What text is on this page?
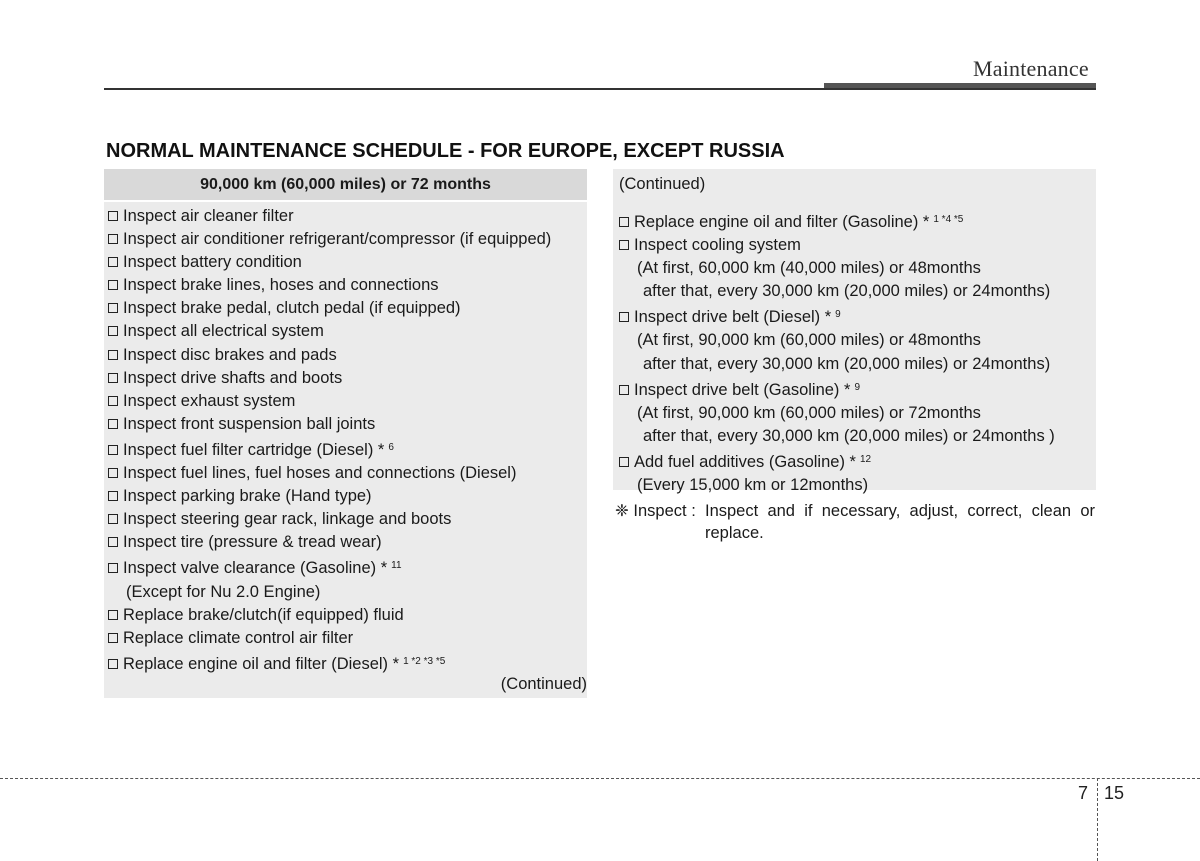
Maintenance
NORMAL MAINTENANCE SCHEDULE - FOR EUROPE, EXCEPT RUSSIA
90,000 km (60,000 miles) or 72 months
Inspect air cleaner filter
Inspect air conditioner refrigerant/compressor (if equipped)
Inspect battery condition
Inspect brake lines, hoses and connections
Inspect brake pedal, clutch pedal (if equipped)
Inspect all electrical system
Inspect disc brakes and pads
Inspect drive shafts and boots
Inspect exhaust system
Inspect front suspension ball joints
Inspect fuel filter cartridge (Diesel) * $^6$
Inspect fuel lines, fuel hoses and connections (Diesel)
Inspect parking brake (Hand type)
Inspect steering gear rack, linkage and boots
Inspect tire (pressure & tread wear)
Inspect valve clearance (Gasoline) * $^{11}$
(Except for Nu 2.0 Engine)
Replace brake/clutch(if equipped) fluid
Replace climate control air filter
Replace engine oil and filter (Diesel) * $^{1 *2 *3 *5}$
(Continued)
(Continued)
Replace engine oil and filter (Gasoline) * $^{1 *4 *5}$
Inspect cooling system
(At first, 60,000 km (40,000 miles) or 48months
after that, every 30,000 km (20,000 miles) or 24months)
Inspect drive belt (Diesel) * $^9$
(At first, 90,000 km (60,000 miles) or 48months
after that, every 30,000 km (20,000 miles) or 24months)
Inspect drive belt (Gasoline) * $^9$
(At first, 90,000 km (60,000 miles) or 72months
after that, every 30,000 km (20,000 miles) or 24months )
Add fuel additives (Gasoline) * $^{12}$
(Every 15,000 km or 12months)
❈ Inspect : Inspect and if necessary, adjust, correct, clean or replace.
7 15
